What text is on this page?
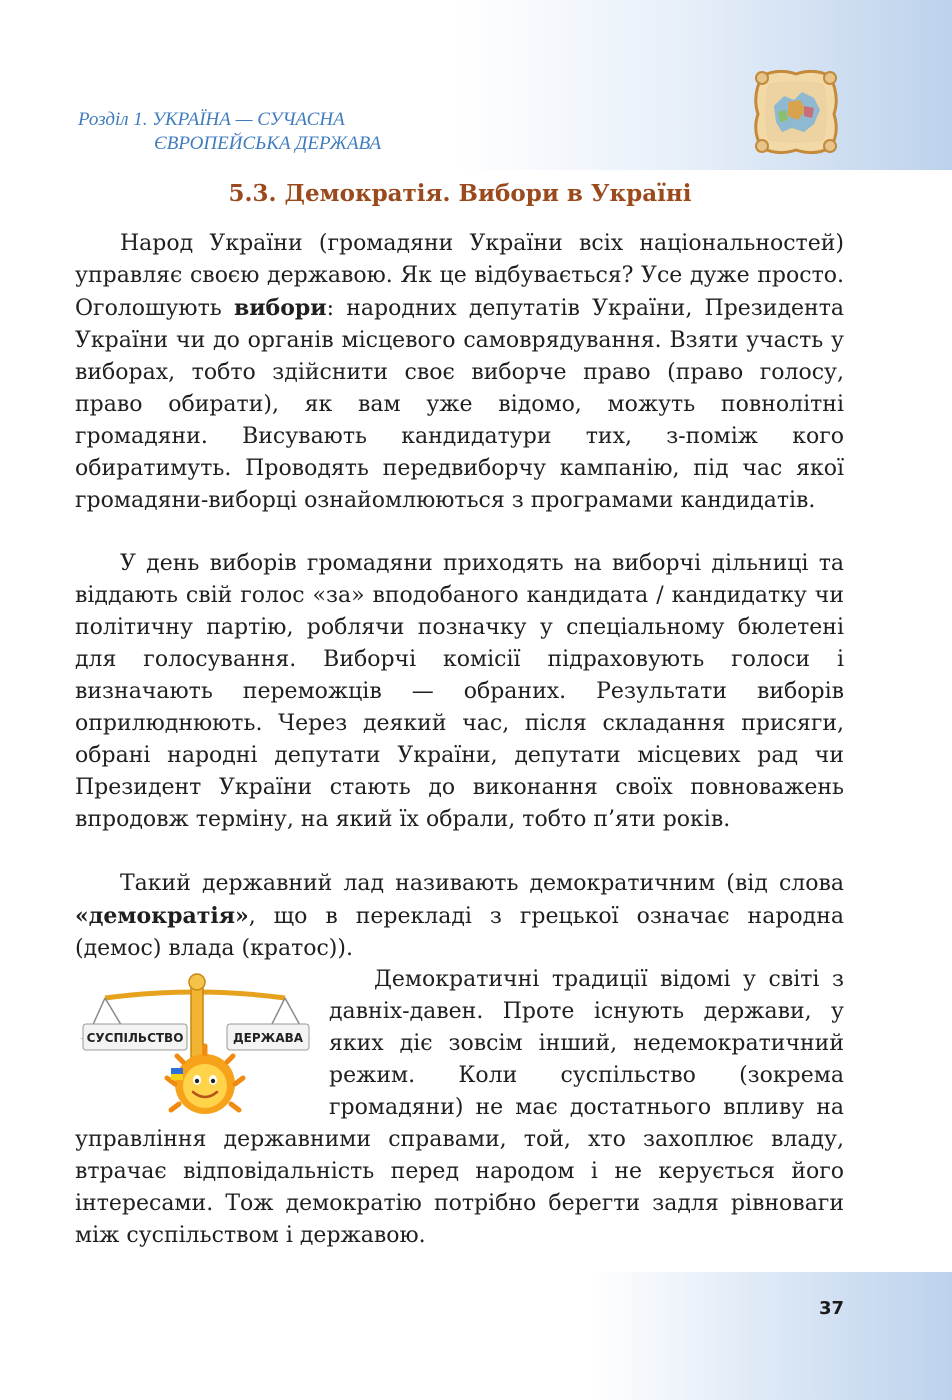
Розділ 1. УКРАЇНА — СУЧАСНА
ЄВРОПЕЙСЬКА ДЕРЖАВА
5.3. Демократія. Вибори в Україні

Народ України (громадяни України всіх національностей) управляє своєю державою. Як це відбувається? Усе дуже просто. Оголошують вибори: народних депутатів України, Президента України чи до органів місцевого самоврядування. Взяти участь у виборах, тобто здійснити своє виборче право (право голосу, право обирати), як вам уже відомо, можуть повнолітні громадяни. Висувають кандидатури тих, з-поміж кого обиратимуть. Проводять передвиборчу кампанію, під час якої громадяни-виборці ознайомлюються з програмами кандидатів.

У день виборів громадяни приходять на виборчі дільниці та віддають свій голос «за» вподобаного кандидата / кандидатку чи політичну партію, роблячи позначку у спеціальному бюлетені для голосування. Виборчі комісії підраховують голоси і визначають переможців — обраних. Результати виборів оприлюднюють. Через деякий час, після складання присяги, обрані народні депутати України, депутати місцевих рад чи Президент України стають до виконання своїх повноважень впродовж терміну, на який їх обрали, тобто п’яти років.

Такий державний лад називають демократичним (від слова «демократія», що в перекладі з грецької означає народна (демос) влада (кратос)).

СУСПІЛЬСТВО	ДЕРЖАВА

Демократичні традиції відомі у світі з давніх-давен. Проте існують держави, у яких діє зовсім інший, недемократичний режим. Коли суспільство (зокрема громадяни) не має достатнього впливу на управління державними справами, той, хто захоплює владу, втрачає відповідальність перед народом і не керується його інтересами. Тож демократію потрібно берегти задля рівноваги між суспільством і державою.

37
